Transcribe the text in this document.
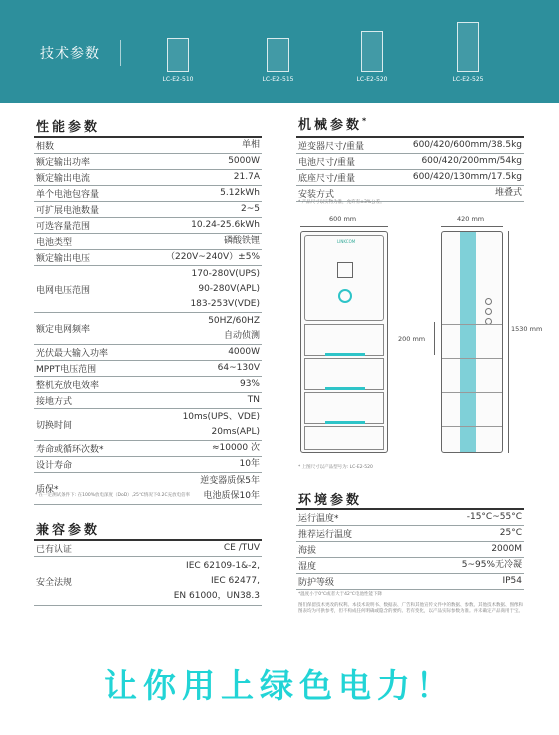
技术参数
LC-E2-510	LC-E2-515	LC-E2-520	LC-E2-525
性能参数
相数	单相

额定输出功率	5000W

额定输出电流	21.7A

单个电池包容量	5.12kWh

可扩展电池数量	2~5

可选容量范围	10.24-25.6kWh

电池类型	磷酸铁锂

额定输出电压	（220V~240V）±5%

电网电压范围	170-280V(UPS)
90-280V(APL)
183-253V(VDE)

额定电网频率	50HZ/60HZ
自动侦测

光伏最大输入功率	4000W

MPPT电压范围	64~130V

整机充放电效率	93%

接地方式	TN

切换时间	10ms(UPS、VDE)
20ms(APL)

寿命或循环次数*	≈10000 次

设计寿命	10年

质保*	逆变器质保5年
电池质保10年
* 在一定测试条件下: 在100%放电深度（DoD）,25℃情况下0.2C充放电倍率
兼容参数
已有认证	CE /TUV

安全法规	IEC 62109-1&-2,
IEC 62477,
EN 61000，UN38.3
机械参数*
逆变器尺寸/重量	600/420/600mm/38.5kg

电池尺寸/重量	600/420/200mm/54kg

底座尺寸/重量	600/420/130mm/17.5kg

安装方式	堆叠式
* 产品尺寸以实物为准，允许有±3%公差。
600 mm
LINKCOM
200 mm
420 mm
1530 mm
* 上图尺寸以产品型号为: LC-E2-520
环境参数
运行温度*	-15°C~55°C

推荐运行温度	25°C

海拔	2000M

湿度	5~95%无冷凝

防护等级	IP54
*温度小于0℃或者大于42℃电池性能下降
图们保留技术更改的权利。本技术说明书、数据表、广告和其他宣传文件中的数据、参数、其他技术数据、图像和图表均为可供参考，但不构成任何明确或隐含的要约。若有变化，以产品实际参数为准。并未确定产品商用于宝。
让你用上绿色电力！
